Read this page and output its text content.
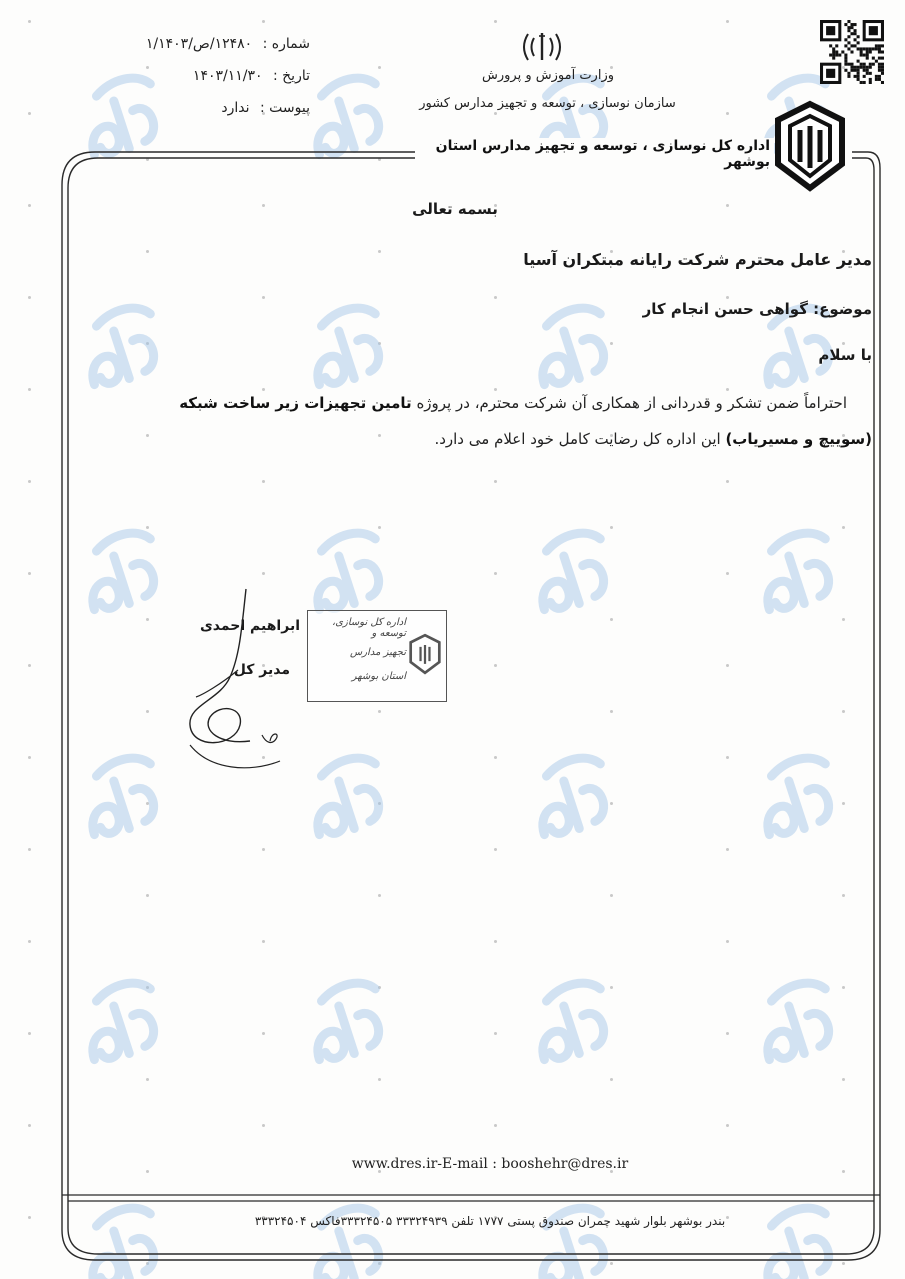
وزارت آموزش و پرورش
سازمان نوسازی ، توسعه و تجهیز مدارس کشور
اداره کل نوسازی ، توسعه و تجهیز مدارس استان بوشهر
شماره : ۱۲۴۸۰/ص/۱/۱۴۰۳
تاریخ : ۱۴۰۳/۱۱/۳۰
پیوست : ندارد
بسمه تعالی
مدیر عامل محترم شرکت رایانه مبتکران آسیا
موضوع: گواهی حسن انجام کار
با سلام
احتراماً ضمن تشکر و قدردانی از همکاری آن شرکت محترم، در پروژه تامین تجهیزات زیر ساخت شبکه
(سوییچ و مسیریاب) این اداره کل رضایت کامل خود اعلام می دارد.
ابراهیم احمدی
مدیر کل
اداره کل نوسازی، توسعه و
تجهیز مدارس
استان بوشهر
www.dres.ir-E-mail : booshehr@dres.ir
بندر بوشهر بلوار شهید چمران صندوق پستی ۱۷۷۷ تلفن ۳۳۳۲۴۹۳۹ ۳۳۳۲۴۵۰۵فاکس ۳۳۳۲۴۵۰۴
